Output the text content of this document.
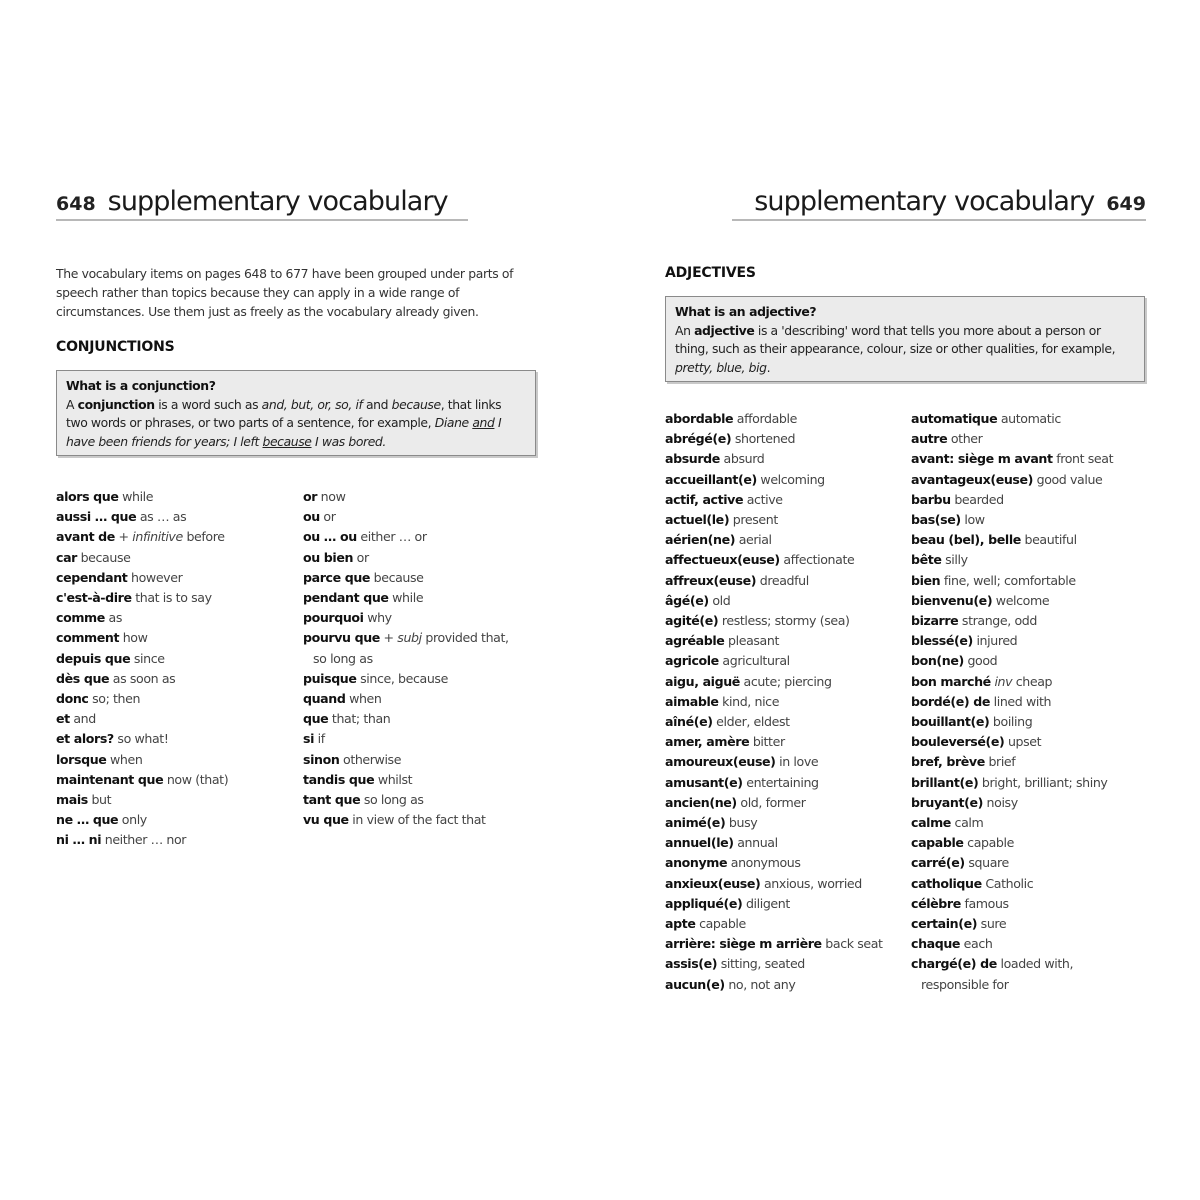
648 supplementary vocabulary

The vocabulary items on pages 648 to 677 have been grouped under parts of speech rather than topics because they can apply in a wide range of circumstances. Use them just as freely as the vocabulary already given.

CONJUNCTIONS
What is a conjunction?
A conjunction is a word such as and, but, or, so, if and because, that links two words or phrases, or two parts of a sentence, for example, Diane and I have been friends for years; I left because I was bored.
alors que while
aussi … que as … as
avant de + infinitive before
car because
cependant however
c'est-à-dire that is to say
comme as
comment how
depuis que since
dès que as soon as
donc so; then
et and
et alors? so what!
lorsque when
maintenant que now (that)
mais but
ne … que only
ni … ni neither … nor
or now
ou or
ou … ou either … or
ou bien or
parce que because
pendant que while
pourquoi why
pourvu que + subj provided that,
so long as
puisque since, because
quand when
que that; than
si if
sinon otherwise
tandis que whilst
tant que so long as
vu que in view of the fact that
supplementary vocabulary 649
ADJECTIVES
What is an adjective?
An adjective is a 'describing' word that tells you more about a person or thing, such as their appearance, colour, size or other qualities, for example, pretty, blue, big.
abordable affordable
abrégé(e) shortened
absurde absurd
accueillant(e) welcoming
actif, active active
actuel(le) present
aérien(ne) aerial
affectueux(euse) affectionate
affreux(euse) dreadful
âgé(e) old
agité(e) restless; stormy (sea)
agréable pleasant
agricole agricultural
aigu, aiguë acute; piercing
aimable kind, nice
aîné(e) elder, eldest
amer, amère bitter
amoureux(euse) in love
amusant(e) entertaining
ancien(ne) old, former
animé(e) busy
annuel(le) annual
anonyme anonymous
anxieux(euse) anxious, worried
appliqué(e) diligent
apte capable
arrière: siège m arrière back seat
assis(e) sitting, seated
aucun(e) no, not any
automatique automatic
autre other
avant: siège m avant front seat
avantageux(euse) good value
barbu bearded
bas(se) low
beau (bel), belle beautiful
bête silly
bien fine, well; comfortable
bienvenu(e) welcome
bizarre strange, odd
blessé(e) injured
bon(ne) good
bon marché inv cheap
bordé(e) de lined with
bouillant(e) boiling
bouleversé(e) upset
bref, brève brief
brillant(e) bright, brilliant; shiny
bruyant(e) noisy
calme calm
capable capable
carré(e) square
catholique Catholic
célèbre famous
certain(e) sure
chaque each
chargé(e) de loaded with,
responsible for
